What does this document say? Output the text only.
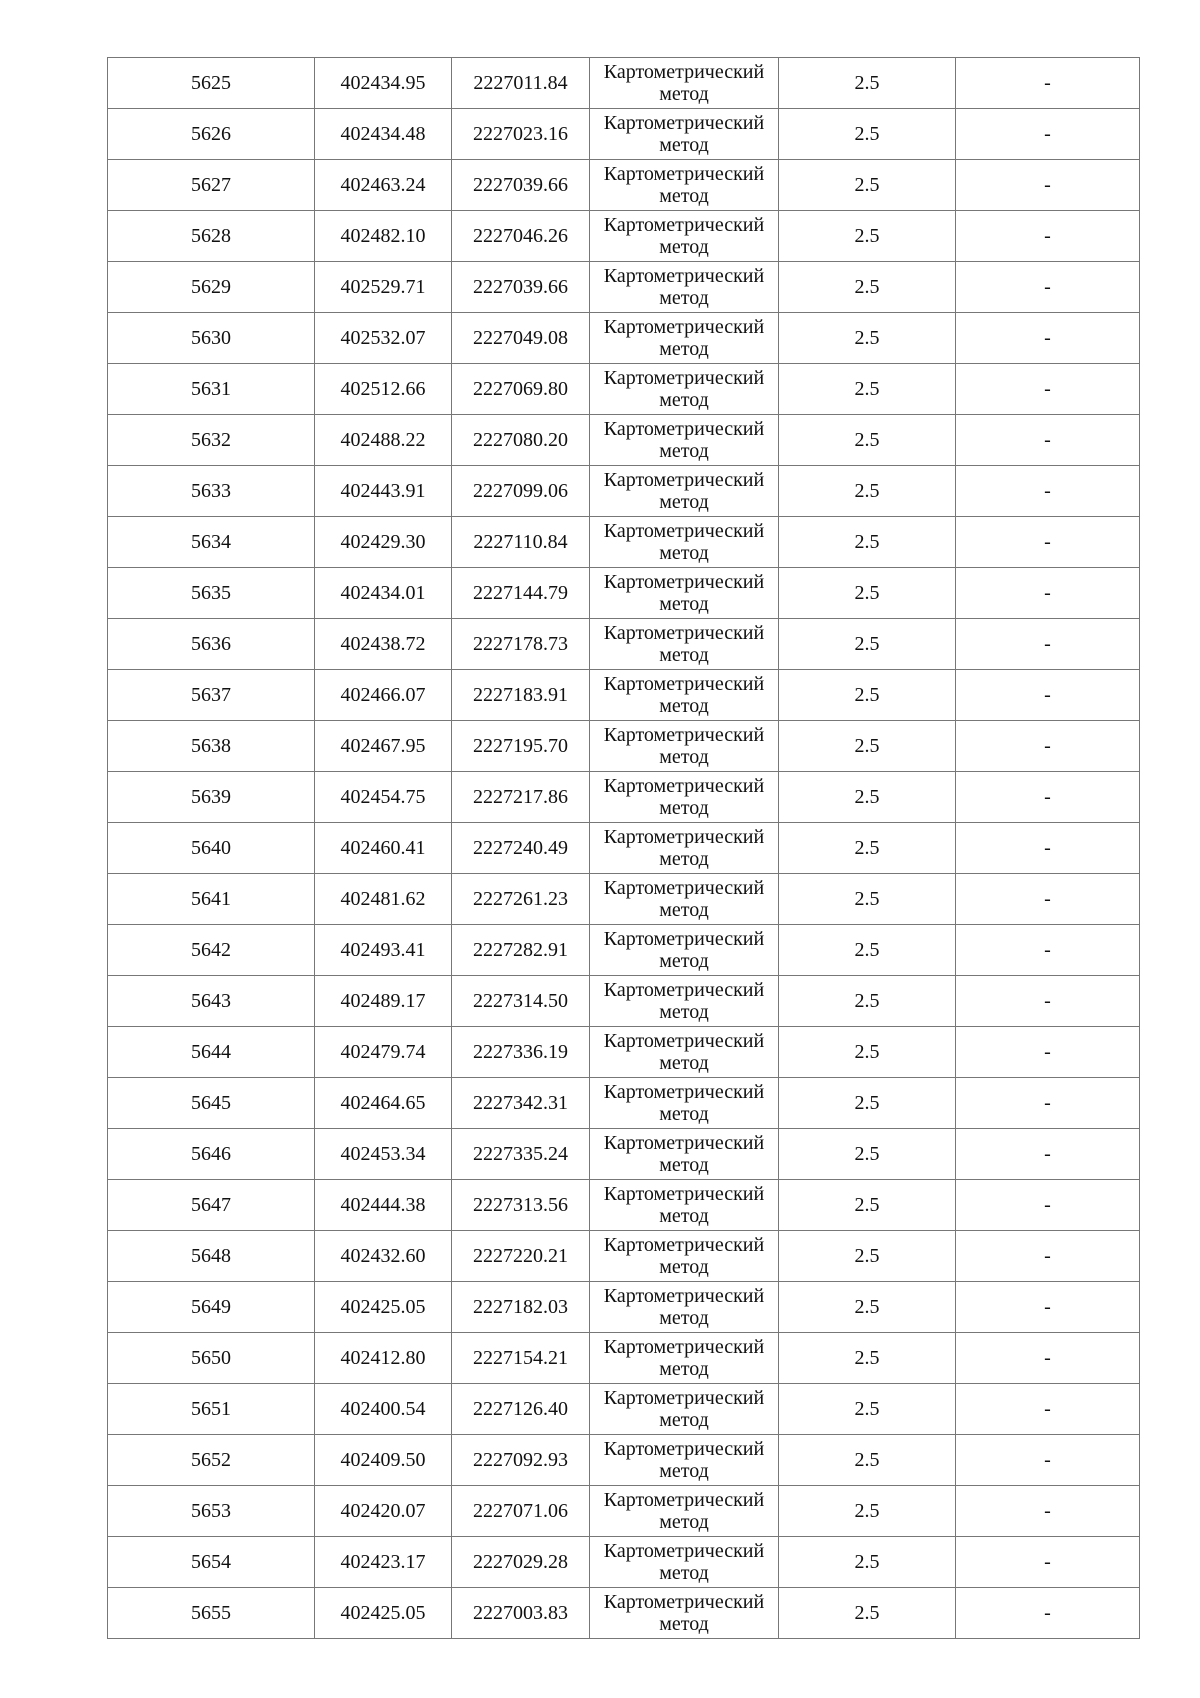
5625	402434.95	2227011.84	Картометрический
метод	2.5	-
5626	402434.48	2227023.16	Картометрический
метод	2.5	-
5627	402463.24	2227039.66	Картометрический
метод	2.5	-
5628	402482.10	2227046.26	Картометрический
метод	2.5	-
5629	402529.71	2227039.66	Картометрический
метод	2.5	-
5630	402532.07	2227049.08	Картометрический
метод	2.5	-
5631	402512.66	2227069.80	Картометрический
метод	2.5	-
5632	402488.22	2227080.20	Картометрический
метод	2.5	-
5633	402443.91	2227099.06	Картометрический
метод	2.5	-
5634	402429.30	2227110.84	Картометрический
метод	2.5	-
5635	402434.01	2227144.79	Картометрический
метод	2.5	-
5636	402438.72	2227178.73	Картометрический
метод	2.5	-
5637	402466.07	2227183.91	Картометрический
метод	2.5	-
5638	402467.95	2227195.70	Картометрический
метод	2.5	-
5639	402454.75	2227217.86	Картометрический
метод	2.5	-
5640	402460.41	2227240.49	Картометрический
метод	2.5	-
5641	402481.62	2227261.23	Картометрический
метод	2.5	-
5642	402493.41	2227282.91	Картометрический
метод	2.5	-
5643	402489.17	2227314.50	Картометрический
метод	2.5	-
5644	402479.74	2227336.19	Картометрический
метод	2.5	-
5645	402464.65	2227342.31	Картометрический
метод	2.5	-
5646	402453.34	2227335.24	Картометрический
метод	2.5	-
5647	402444.38	2227313.56	Картометрический
метод	2.5	-
5648	402432.60	2227220.21	Картометрический
метод	2.5	-
5649	402425.05	2227182.03	Картометрический
метод	2.5	-
5650	402412.80	2227154.21	Картометрический
метод	2.5	-
5651	402400.54	2227126.40	Картометрический
метод	2.5	-
5652	402409.50	2227092.93	Картометрический
метод	2.5	-
5653	402420.07	2227071.06	Картометрический
метод	2.5	-
5654	402423.17	2227029.28	Картометрический
метод	2.5	-
5655	402425.05	2227003.83	Картометрический
метод	2.5	-
